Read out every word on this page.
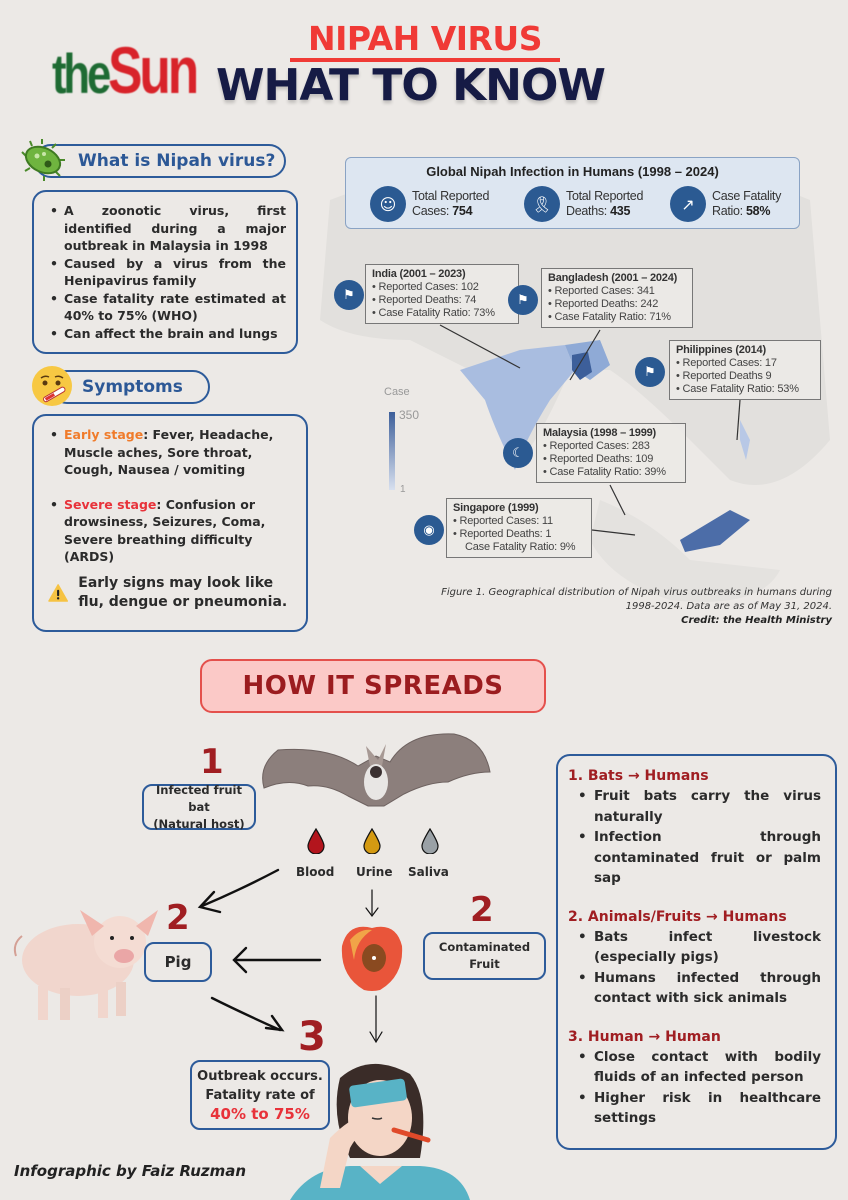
theSun	NIPAH VIRUS
WHAT TO KNOW
What is Nipah virus?
• A zoonotic virus, first identified during a major outbreak in Malaysia in 1998
• Caused by a virus from the Henipavirus family
• Case fatality rate estimated at 40% to 75% (WHO)
• Can affect the brain and lungs
Symptoms
• Early stage: Fever, Headache, Muscle aches, Sore throat, Cough, Nausea / vomiting
• Severe stage: Confusion or drowsiness, Seizures, Coma, Severe breathing difficulty (ARDS)
Early signs may look like flu, dengue or pneumonia.
Case
350
1
Global Nipah Infection in Humans (1998 – 2024)
☺	Total Reported
Cases: 754	🎗	Total Reported
Deaths: 435	↗	Case Fatality
Ratio: 58%
⚑
India (2001 – 2023)
• Reported Cases: 102
• Reported Deaths: 74
• Case Fatality Ratio: 73%
⚑
Bangladesh (2001 – 2024)
• Reported Cases: 341
• Reported Deaths: 242
• Case Fatality Ratio: 71%
⚑
Philippines (2014)
• Reported Cases: 17
• Reported Deaths 9
• Case Fatality Ratio: 53%
☾
Malaysia (1998 – 1999)
• Reported Cases: 283
• Reported Deaths: 109
• Case Fatality Ratio: 39%
◉
Singapore (1999)
• Reported Cases: 11
• Reported Deaths: 1
Case Fatality Ratio: 9%
Figure 1. Geographical distribution of Nipah virus outbreaks in humans during
1998-2024. Data are as of May 31, 2024.
Credit: the Health Ministry
HOW IT SPREADS
1
Infected fruit bat
(Natural host)
Blood Urine Saliva
2
Pig
2
Contaminated
Fruit
3
Outbreak occurs.
Fatality rate of
40% to 75%
1. Bats → Humans
• Fruit bats carry the virus naturally
• Infection through contaminated fruit or palm sap
2. Animals/Fruits → Humans
• Bats infect livestock (especially pigs)
• Humans infected through contact with sick animals
3. Human → Human
• Close contact with bodily fluids of an infected person
• Higher risk in healthcare settings
Infographic by Faiz Ruzman
